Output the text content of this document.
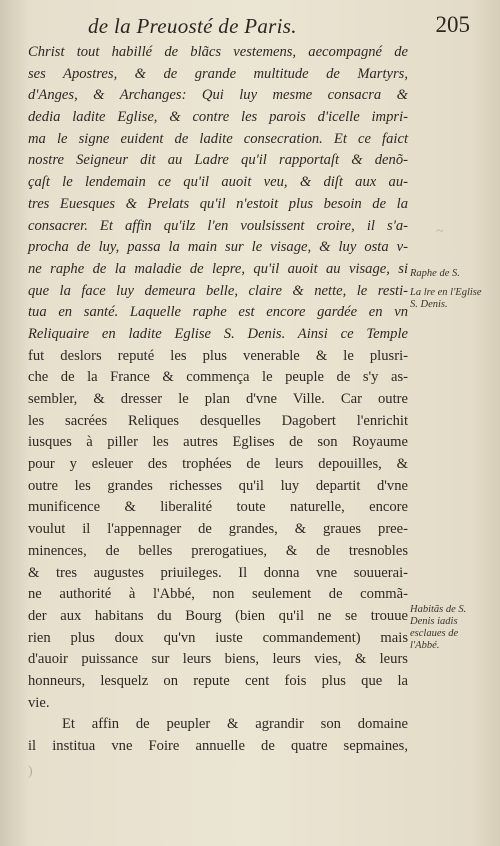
de la Preuosté de Paris.	205
Christ tout habillé de blãcs vestemens, aecompagné de
ses Apostres, & de grande multitude de Martyrs,
d'Anges, & Archanges: Qui luy mesme consacra &
dedia ladite Eglise, & contre les parois d'icelle impri-
ma le signe euident de ladite consecration. Et ce faict
nostre Seigneur dit au Ladre qu'il rapportaſt & denõ-
çaſt le lendemain ce qu'il auoit veu, & diſt aux au-
tres Euesques & Prelats qu'il n'estoit plus besoin de la
consacrer. Et affin qu'ilz l'en voulsissent croire, il s'a-
procha de luy, passa la main sur le visage, & luy osta v-
ne raphe de la maladie de lepre, qu'il auoit au visage, si
que la face luy demeura belle, claire & nette, le resti-
tua en santé. Laquelle raphe est encore gardée en vn
Reliquaire en ladite Eglise S. Denis. Ainsi ce Temple
fut deslors reputé les plus venerable & le plusri-
che de la France & commença le peuple de s'y as-
sembler, & dresser le plan d'vne Ville. Car outre
les sacrées Reliques desquelles Dagobert l'enrichit
iusques à piller les autres Eglises de son Royaume
pour y esleuer des trophées de leurs depouilles, &
outre les grandes richesses qu'il luy departit d'vne
munificence & liberalité toute naturelle, encore
voulut il l'appennager de grandes, & graues pree-
minences, de belles prerogatiues, & de tresnobles
& tres augustes priuileges. Il donna vne souuerai-
ne authorité à l'Abbé, non seulement de commã-
der aux habitans du Bourg (bien qu'il ne se trouue
rien plus doux qu'vn iuste commandement) mais
d'auoir puissance sur leurs biens, leurs vies, & leurs
honneurs, lesquelz on repute cent fois plus que la
vie.
Et affin de peupler & agrandir son domaine
il institua vne Foire annuelle de quatre sepmaines,
Raphe de S.
La lre en l'Eglise S. Denis.
Habitãs de S. Denis iadis esclaues de l'Abbé.
~
)
